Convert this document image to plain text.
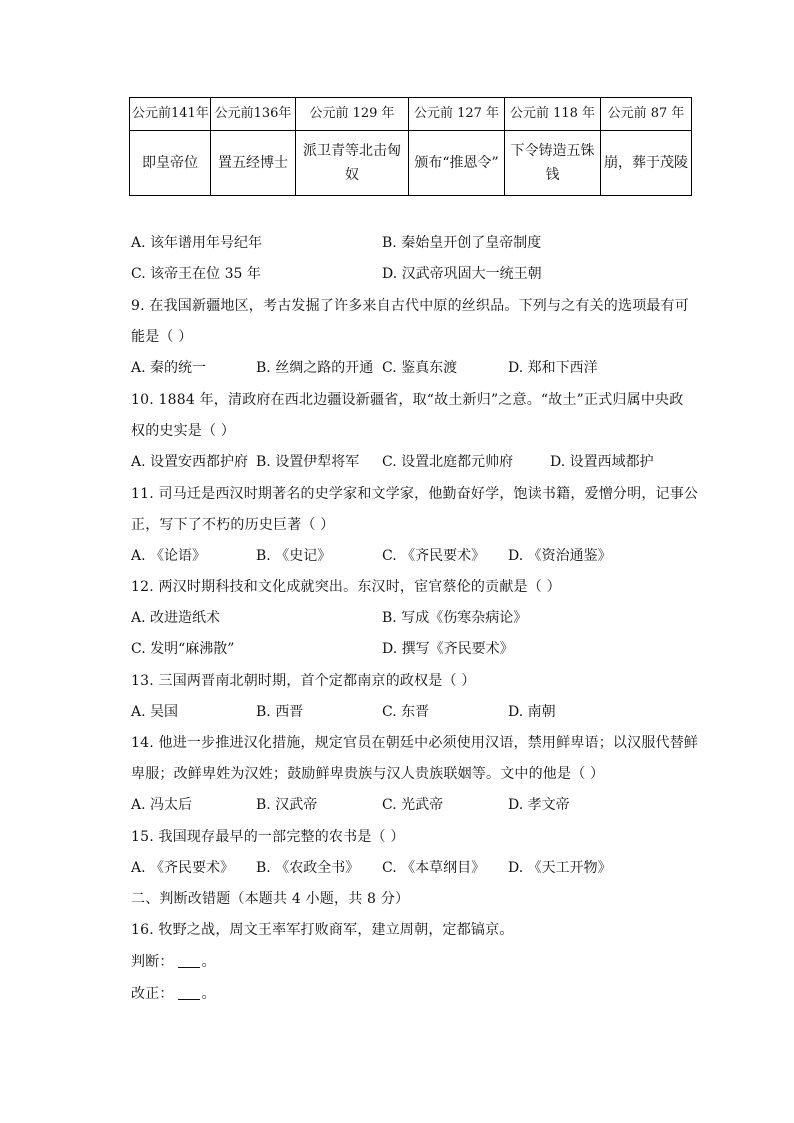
公元前141年	公元前136年	公元前 129 年	公元前 127 年	公元前 118 年	公元前 87 年
即皇帝位	置五经博士	派卫青等北击匈奴	颁布“推恩令”	下令铸造五铢钱	崩，葬于茂陵
A. 该年谱用年号纪年	B. 秦始皇开创了皇帝制度
C. 该帝王在位 35 年	D. 汉武帝巩固大一统王朝
9. 在我国新疆地区，考古发掘了许多来自古代中原的丝织品。下列与之有关的选项最有可
能是（ ）
A. 秦的统一	B. 丝绸之路的开通 C. 鉴真东渡	D. 郑和下西洋
10. 1884 年，清政府在西北边疆设新疆省，取“故土新归”之意。“故土”正式归属中央政
权的史实是（ ）
A. 设置安西都护府 B. 设置伊犁将军 C. 设置北庭都元帅府	D. 设置西域都护
11. 司马迁是西汉时期著名的史学家和文学家，他勤奋好学，饱读书籍，爱憎分明，记事公
正，写下了不朽的历史巨著（ ）
A. 《论语》	B. 《史记》	C. 《齐民要术》 D. 《资治通鉴》
12. 两汉时期科技和文化成就突出。东汉时，宦官蔡伦的贡献是（ ）
A. 改进造纸术	B. 写成《伤寒杂病论》
C. 发明“麻沸散”	D. 撰写《齐民要术》
13. 三国两晋南北朝时期，首个定都南京的政权是（ ）
A. 吴国	B. 西晋	C. 东晋	D. 南朝
14. 他进一步推进汉化措施，规定官员在朝廷中必须使用汉语，禁用鲜卑语；以汉服代替鲜
卑服；改鲜卑姓为汉姓；鼓励鲜卑贵族与汉人贵族联姻等。文中的他是（ ）
A. 冯太后	B. 汉武帝	C. 光武帝	D. 孝文帝
15. 我国现存最早的一部完整的农书是（ ）
A. 《齐民要术》 B. 《农政全书》 C. 《本草纲目》 D. 《天工开物》
二、判断改错题（本题共 4 小题，共 8 分）
16. 牧野之战，周文王率军打败商军，建立周朝，定都镐京。
判断： 。
改正： 。
